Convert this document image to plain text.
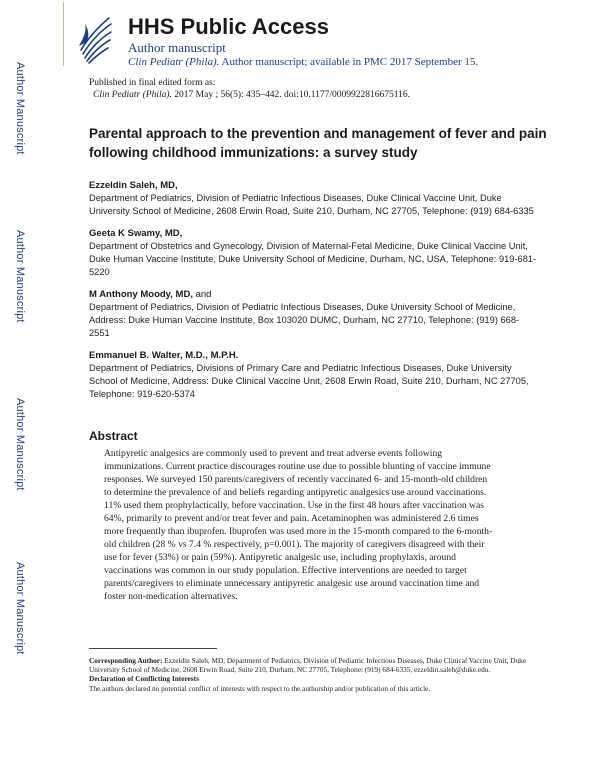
Author Manuscript
Author Manuscript
Author Manuscript
Author Manuscript
HHS Public Access
Author manuscript
Clin Pediatr (Phila). Author manuscript; available in PMC 2017 September 15.
Published in final edited form as:
Clin Pediatr (Phila). 2017 May ; 56(5): 435–442. doi:10.1177/0009922816675116.
Parental approach to the prevention and management of fever and pain following childhood immunizations: a survey study
Ezzeldin Saleh, MD,
Department of Pediatrics, Division of Pediatric Infectious Diseases, Duke Clinical Vaccine Unit, Duke University School of Medicine, 2608 Erwin Road, Suite 210, Durham, NC 27705, Telephone: (919) 684-6335
Geeta K Swamy, MD,
Department of Obstetrics and Gynecology, Division of Maternal-Fetal Medicine, Duke Clinical Vaccine Unit, Duke Human Vaccine Institute, Duke University School of Medicine, Durham, NC, USA, Telephone: 919-681-5220
M Anthony Moody, MD, and
Department of Pediatrics, Division of Pediatric Infectious Diseases, Duke University School of Medicine, Address: Duke Human Vaccine Institute, Box 103020 DUMC, Durham, NC 27710, Telephone: (919) 668-2551
Emmanuel B. Walter, M.D., M.P.H.
Department of Pediatrics, Divisions of Primary Care and Pediatric Infectious Diseases, Duke University School of Medicine, Address: Duke Clinical Vaccine Unit, 2608 Erwin Road, Suite 210, Durham, NC 27705, Telephone: 919-620-5374
Abstract
Antipyretic analgesics are commonly used to prevent and treat adverse events following immunizations. Current practice discourages routine use due to possible blunting of vaccine immune responses. We surveyed 150 parents/caregivers of recently vaccinated 6- and 15-month-old children to determine the prevalence of and beliefs regarding antipyretic analgesics use around vaccinations. 11% used them prophylactically, before vaccination. Use in the first 48 hours after vaccination was 64%, primarily to prevent and/or treat fever and pain. Acetaminophen was administered 2.6 times more frequently than ibuprofen. Ibuprofen was used more in the 15-month compared to the 6-month-old children (28 % vs 7.4 % respectively, p=0.001). The majority of caregivers disagreed with their use for fever (53%) or pain (59%). Antipyretic analgesic use, including prophylaxis, around vaccinations was common in our study population. Effective interventions are needed to target parents/caregivers to eliminate unnecessary antipyretic analgesic use around vaccination time and foster non-medication alternatives.
Corresponding Author: Ezzeldin Saleh, MD, Department of Pediatrics, Division of Pediatric Infectious Diseases, Duke Clinical Vaccine Unit, Duke University School of Medicine, 2608 Erwin Road, Suite 210, Durham, NC 27705, Telephone: (919) 684-6335, ezzeldin.saleh@duke.edu.
Declaration of Conflicting Interests
The authors declared no potential conflict of interests with respect to the authorship and/or publication of this article.
